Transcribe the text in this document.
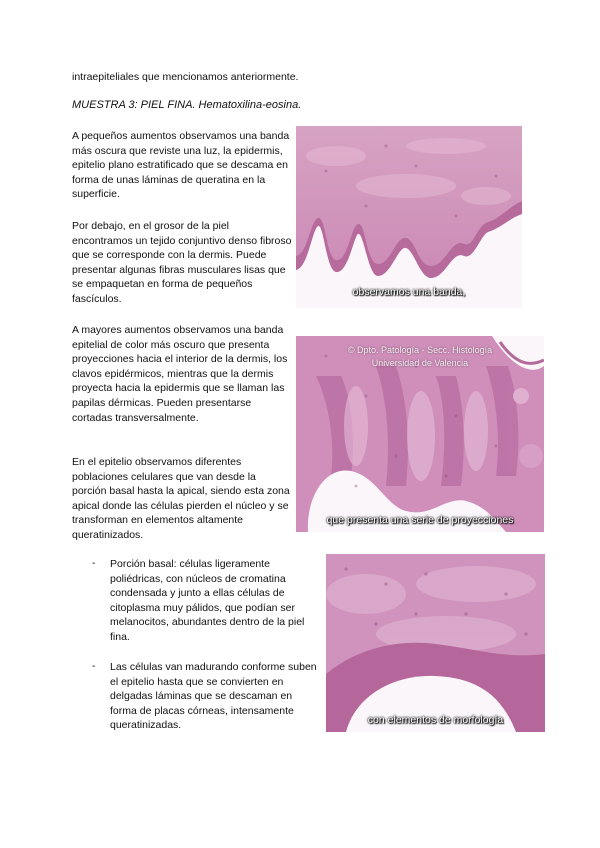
intraepiteliales que mencionamos anteriormente.
MUESTRA 3: PIEL FINA. Hematoxilina-eosina.
A pequeños aumentos observamos una banda más oscura que reviste una luz, la epidermis, epitelio plano estratificado que se descama en forma de unas láminas de queratina en la superficie.
Por debajo, en el grosor de la piel encontramos un tejido conjuntivo denso fibroso que se corresponde con la dermis. Puede presentar algunas fibras musculares lisas que se empaquetan en forma de pequeños fascículos.
A mayores aumentos observamos una banda epitelial de color más oscuro que presenta proyecciones hacia el interior de la dermis, los clavos epidérmicos, mientras que la dermis proyecta hacia la epidermis que se llaman las papilas dérmicas. Pueden presentarse cortadas transversalmente.
En el epitelio observamos diferentes poblaciones celulares que van desde la porción basal hasta la apical, siendo esta zona apical donde las células pierden el núcleo y se transforman en elementos altamente queratinizados.
- Porción basal: células ligeramente poliédricas, con núcleos de cromatina condensada y junto a ellas células de citoplasma muy pálidos, que podían ser melanocitos, abundantes dentro de la piel fina.
- Las células van madurando conforme suben el epitelio hasta que se convierten en delgadas láminas que se descaman en forma de placas córneas, intensamente queratinizadas.
observamos una banda,
© Dpto. Patología - Secc. Histología
Universidad de Valencia
que presenta una serie de proyecciones
con elementos de morfología
